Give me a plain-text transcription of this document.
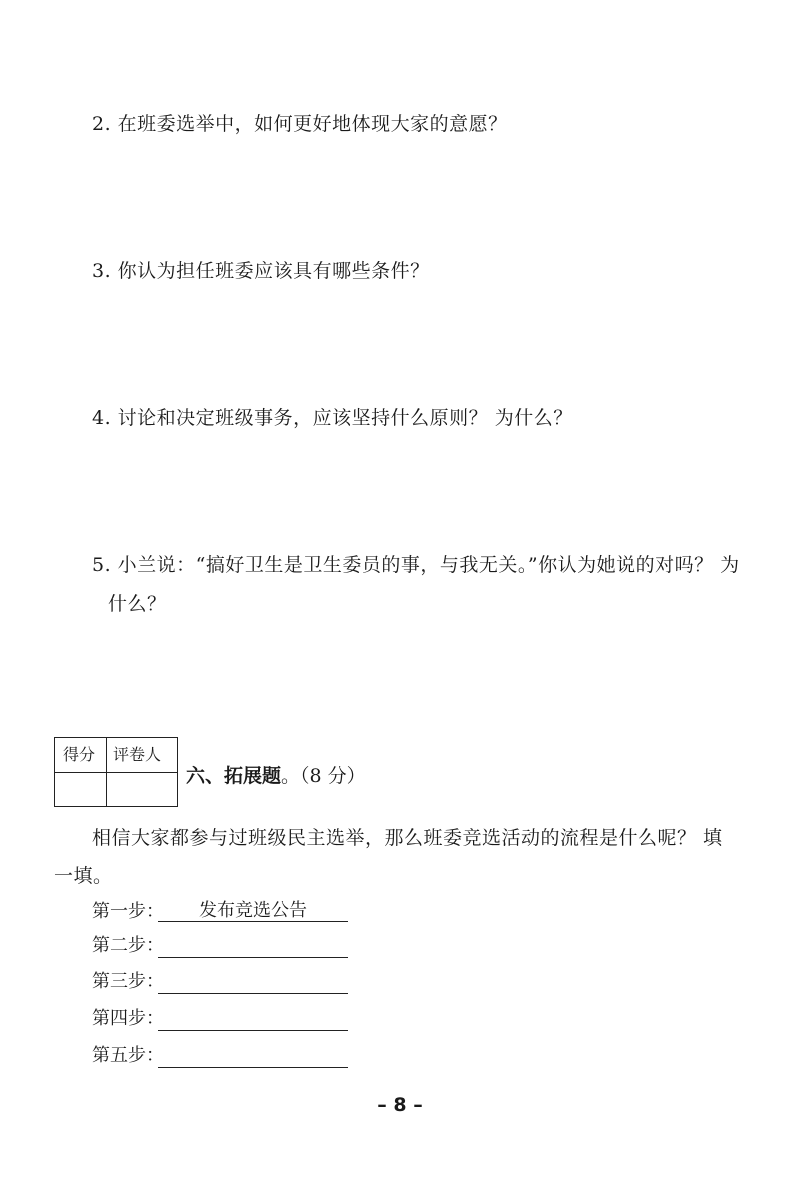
2. 在班委选举中，如何更好地体现大家的意愿？
3. 你认为担任班委应该具有哪些条件？
4. 讨论和决定班级事务，应该坚持什么原则？ 为什么？
5. 小兰说：“搞好卫生是卫生委员的事，与我无关。”你认为她说的对吗？ 为
什么？
得分 评卷人
六、拓展题。（8 分）
相信大家都参与过班级民主选举，那么班委竞选活动的流程是什么呢？ 填
一填。
第一步：	发布竞选公告
第二步：
第三步：
第四步：
第五步：
– 8 –
